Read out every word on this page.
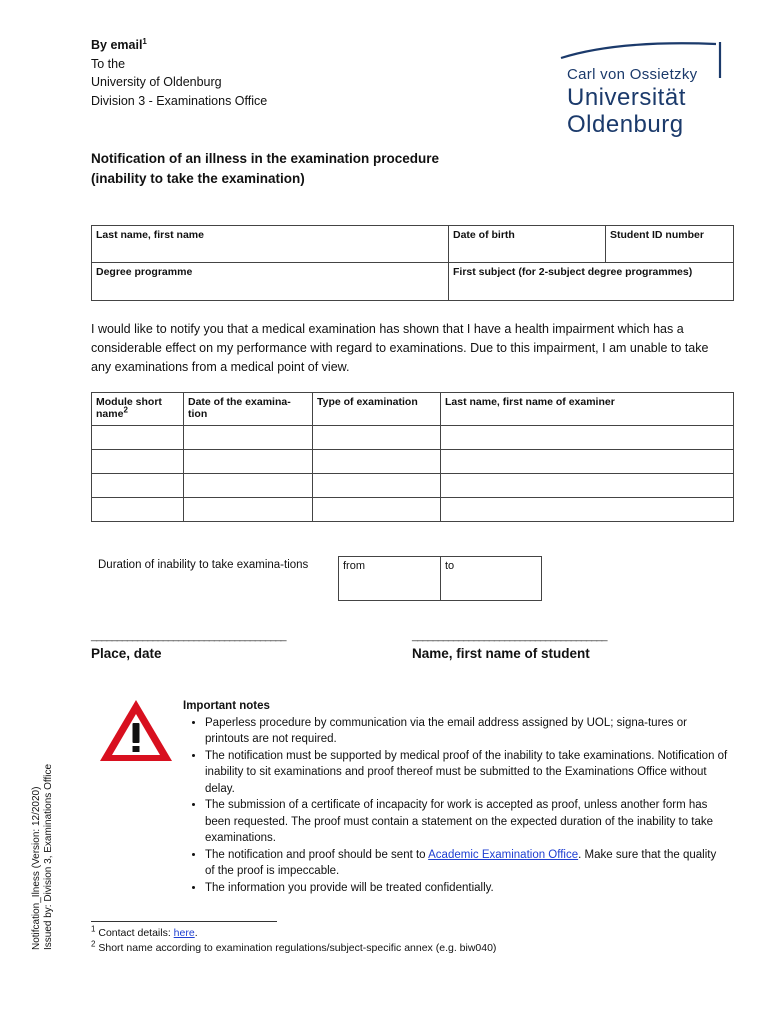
By email$^1$
To the
University of Oldenburg
Division 3 - Examinations Office
Carl von Ossietzky
Universität
Oldenburg
Notification of an illness in the examination procedure
(inability to take the examination)
Last name, first name	Date of birth	Student ID number
Degree programme	First subject (for 2-subject degree programmes)	
I would like to notify you that a medical examination has shown that I have a health impairment which has a considerable effect on my performance with regard to examinations. Due to this impairment, I am unable to take any examinations from a medical point of view.
Module short name$^2$	Date of the examina-tion	Type of examination	Last name, first name of examiner

Duration of inability to take examina-tions	from	to
______________________________________
Place, date
______________________________________
Name, first name of student
Important notes
• Paperless procedure by communication via the email address assigned by UOL; signa-tures or printouts are not required.
• The notification must be supported by medical proof of the inability to take examinations. Notification of inability to sit examinations and proof thereof must be submitted to the Examinations Office without delay.
• The submission of a certificate of incapacity for work is accepted as proof, unless another form has been requested. The proof must contain a statement on the expected duration of the inability to take examinations.
• The notification and proof should be sent to Academic Examination Office. Make sure that the quality of the proof is impeccable.
• The information you provide will be treated confidentially.
Notifcation_Ilness (Version: 12/2020) Issued by: Division 3, Examinations Office	$^1$ Contact details: here.
$^2$ Short name according to examination regulations/subject-specific annex (e.g. biw040)
